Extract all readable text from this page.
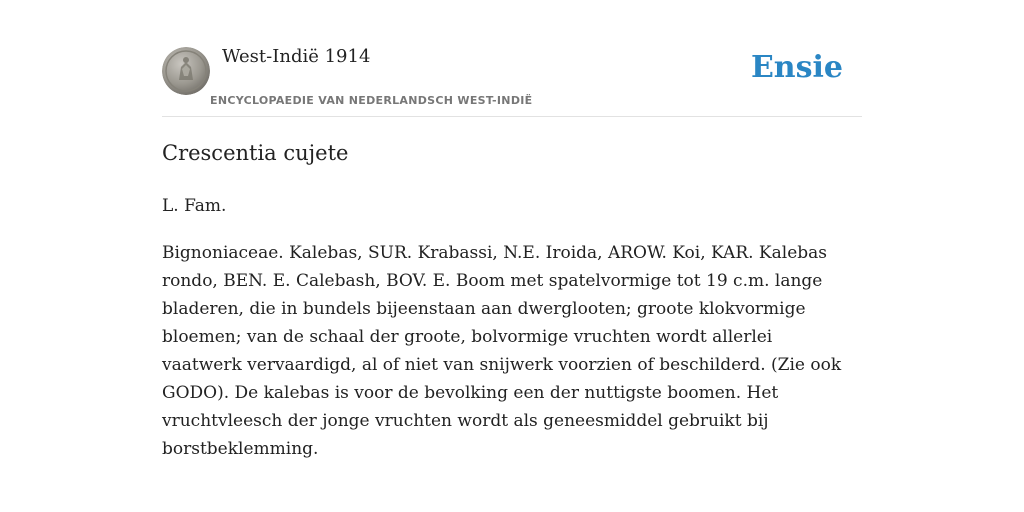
West-Indië 1914
ENCYCLOPAEDIE VAN NEDERLANDSCH WEST-INDIË
Ensie
Crescentia cujete

L. Fam.

Bignoniaceae. Kalebas, SUR. Krabassi, N.E. Iroida, AROW. Koi, KAR. Kalebas rondo, BEN. E. Calebash, BOV. E. Boom met spatelvormige tot 19 c.m. lange bladeren, die in bundels bijeenstaan aan dwerglooten; groote klokvormige bloemen; van de schaal der groote, bolvormige vruchten wordt allerlei vaatwerk vervaardigd, al of niet van snijwerk voorzien of beschilderd. (Zie ook GODO). De kalebas is voor de bevolking een der nuttigste boomen. Het vruchtvleesch der jonge vruchten wordt als geneesmiddel gebruikt bij borstbeklemming.
